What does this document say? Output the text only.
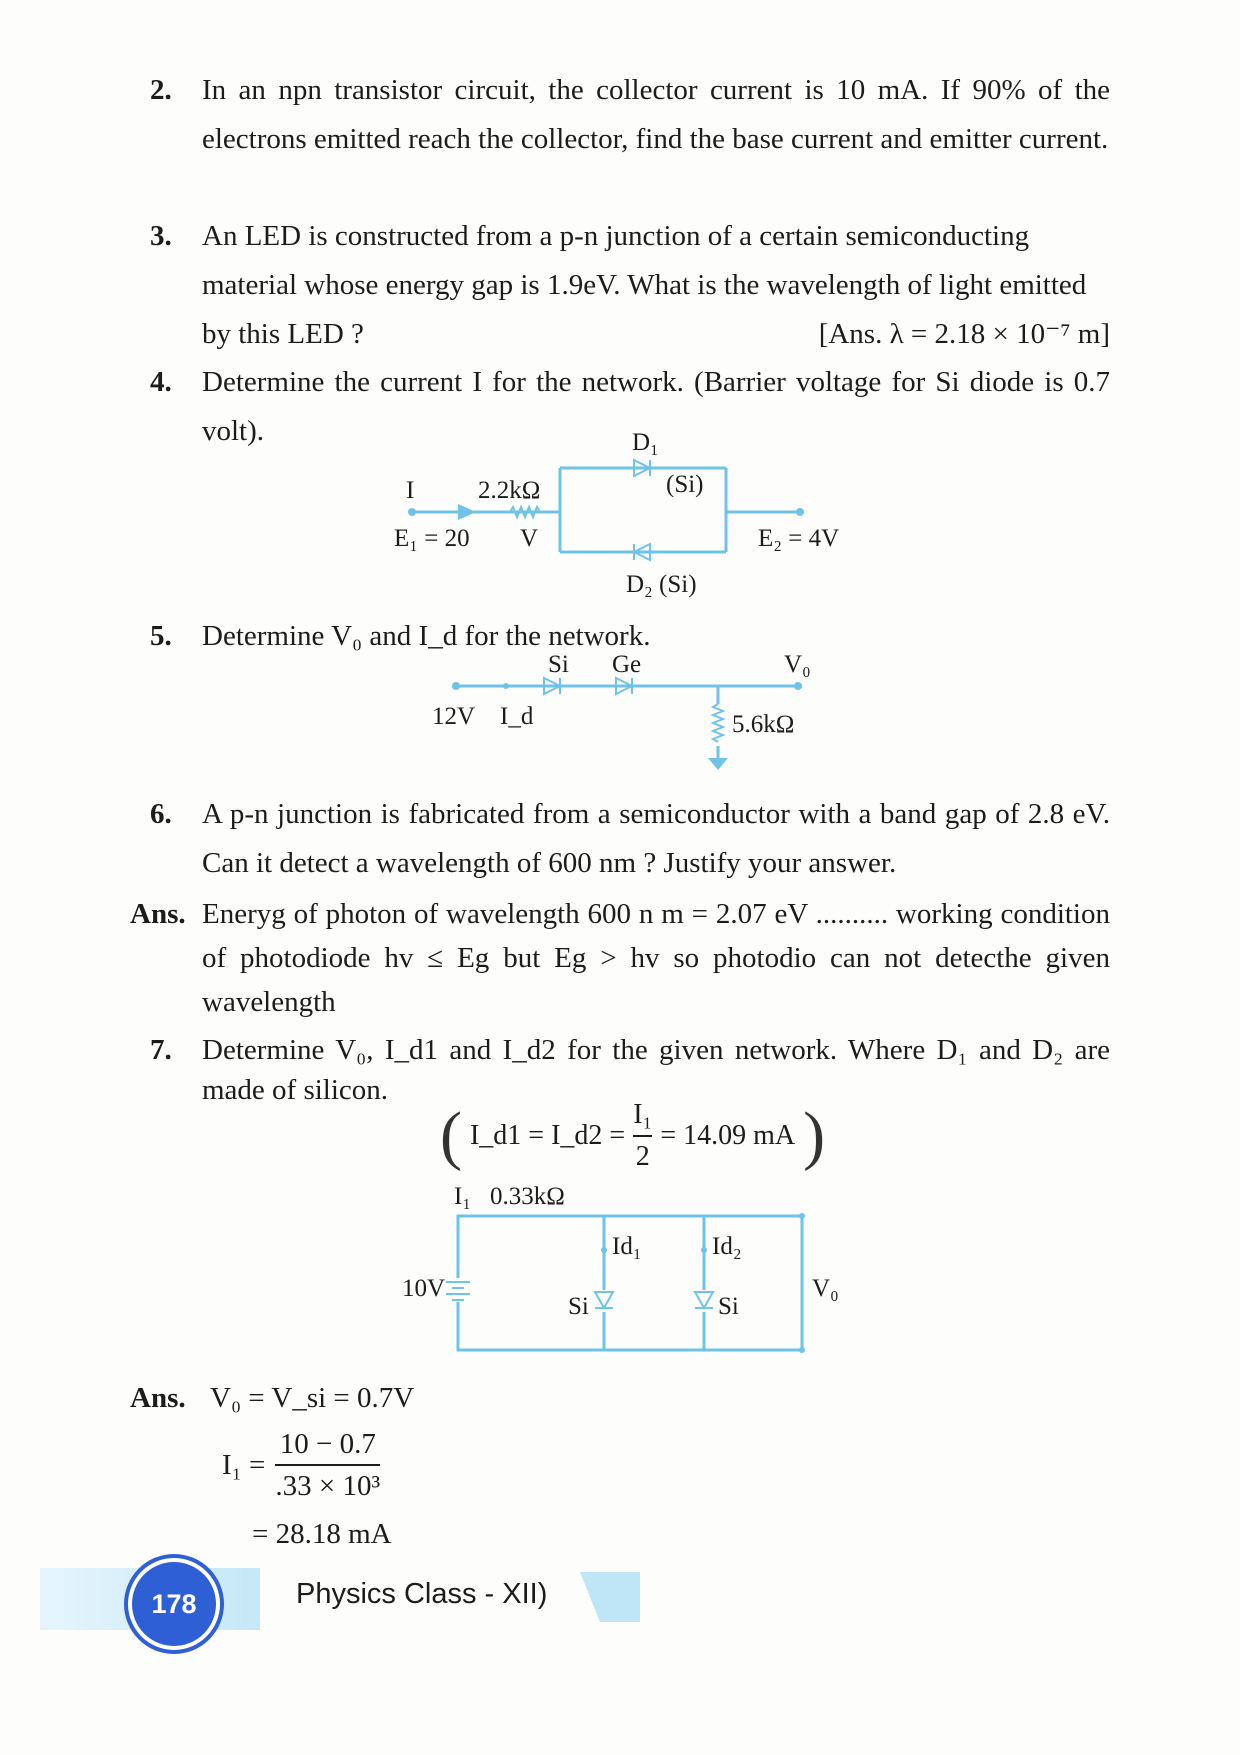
2. In an npn transistor circuit, the collector current is 10 mA. If 90% of the electrons emitted reach the collector, find the base current and emitter current.
3. An LED is constructed from a p-n junction of a certain semiconducting

material whose energy gap is 1.9eV. What is the wavelength of light emitted

by this LED ?	[Ans. λ = 2.18 × 10⁻⁷ m]

4. Determine the current I for the network. (Barrier voltage for Si diode is 0.7 volt).
I	2.2kΩ
E₁ = 20 V
D₁
(Si)
D₂ (Si)
E₂ = 4V
5. Determine V₀ and I_d for the network.
Si Ge	V₀
12V I_d	5.6kΩ
6. A p-n junction is fabricated from a semiconductor with a band gap of 2.8 eV. Can it detect a wavelength of 600 nm ? Justify your answer.
Ans. Eneryg of photon of wavelength 600 n m = 2.07 eV .......... working condition of photodiode hv ≤ Eg but Eg > hv so photodio can not detecthe given wavelength
7. Determine V₀, I_d1 and I_d2 for the given network. Where D₁ and D₂ are made of silicon.
( I_d1 = I_d2 = $\frac{\text{I₁}}{2} = 14.09$ mA )
I₁ 0.33kΩ
Id₁	Id₂
10V
Si	Si
V₀
Ans. V₀ = V_si = 0.7V
$I_1 = \frac{10 - 0.7}{\text{.33 × 10³}}$
= 28.18 mA
178	Physics Class - XII)
